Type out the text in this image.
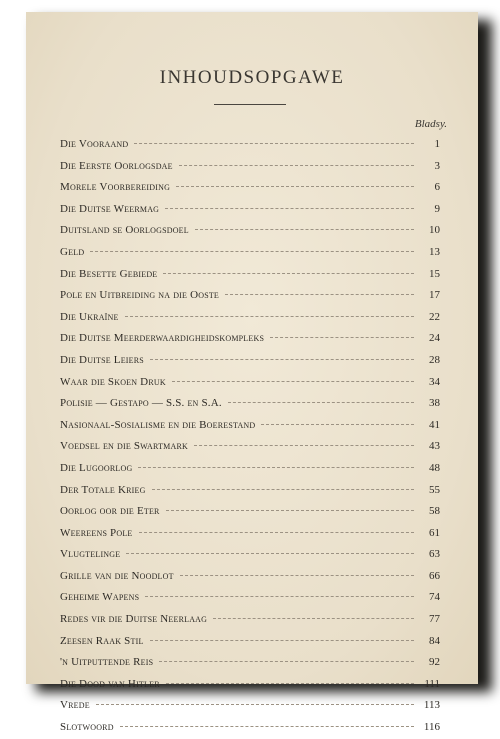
INHOUDSOPGAWE
Bladsy.
Die Vooraand	1
Die Eerste Oorlogsdae	3
Morele Voorbereiding	6
Die Duitse Weermag	9
Duitsland se Oorlogsdoel	10
Geld	13
Die Besette Gebiede	15
Pole en Uitbreiding na die Ooste	17
Die Ukraïne	22
Die Duitse Meerderwaardigheidskompleks	24
Die Duitse Leiers	28
Waar die Skoen Druk	34
Polisie — Gestapo — S.S. en S.A.	38
Nasionaal-Sosialisme en die Boerestand	41
Voedsel en die Swartmark	43
Die Lugoorlog	48
Der Totale Krieg	55
Oorlog oor die Eter	58
Weereens Pole	61
Vlugtelinge	63
Grille van die Noodlot	66
Geheime Wapens	74
Redes vir die Duitse Neerlaag	77
Zeesen Raak Stil	84
'n Uitputtende Reis	92
Die Dood van Hitler	111
Vrede	113
Slotwoord	116
